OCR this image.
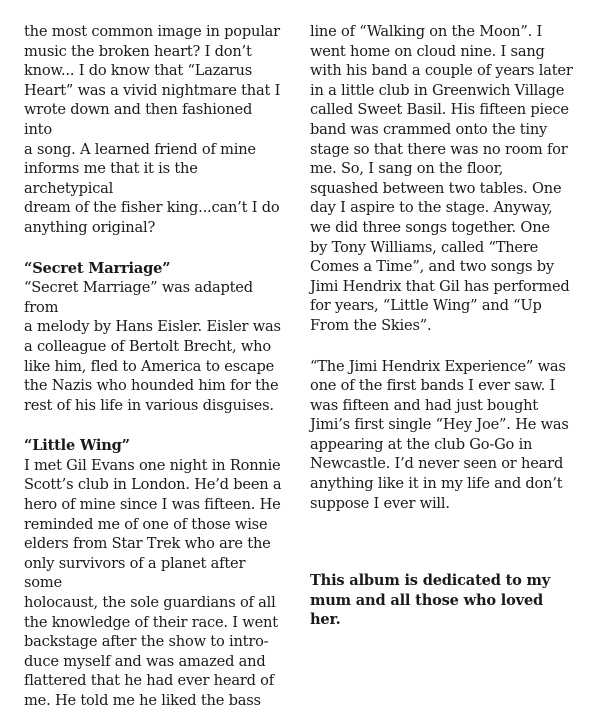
the most common image in popular

music the broken heart? I don’t

know... I do know that “Lazarus

Heart” was a vivid nightmare that I

wrote down and then fashioned into

a song. A learned friend of mine

informs me that it is the archetypical

dream of the fisher king...can’t I do

anything original?

“Secret Marriage”

“Secret Marriage” was adapted from

a melody by Hans Eisler. Eisler was

a colleague of Bertolt Brecht, who

like him, fled to America to escape

the Nazis who hounded him for the

rest of his life in various disguises.

“Little Wing”

I met Gil Evans one night in Ronnie

Scott’s club in London. He’d been a

hero of mine since I was fifteen. He

reminded me of one of those wise

elders from Star Trek who are the

only survivors of a planet after some

holocaust, the sole guardians of all

the knowledge of their race. I went

backstage after the show to intro-

duce myself and was amazed and

flattered that he had ever heard of

me. He told me he liked the bass

line of “Walking on the Moon”. I

went home on cloud nine. I sang

with his band a couple of years later

in a little club in Greenwich Village

called Sweet Basil. His fifteen piece

band was crammed onto the tiny

stage so that there was no room for

me. So, I sang on the floor,

squashed between two tables. One

day I aspire to the stage. Anyway,

we did three songs together. One

by Tony Williams, called “There

Comes a Time”, and two songs by

Jimi Hendrix that Gil has performed

for years, “Little Wing” and “Up

From the Skies”.

“The Jimi Hendrix Experience” was

one of the first bands I ever saw. I

was fifteen and had just bought

Jimi’s first single “Hey Joe”. He was

appearing at the club Go-Go in

Newcastle. I’d never seen or heard

anything like it in my life and don’t

suppose I ever will.

This album is dedicated to my

mum and all those who loved

her.
